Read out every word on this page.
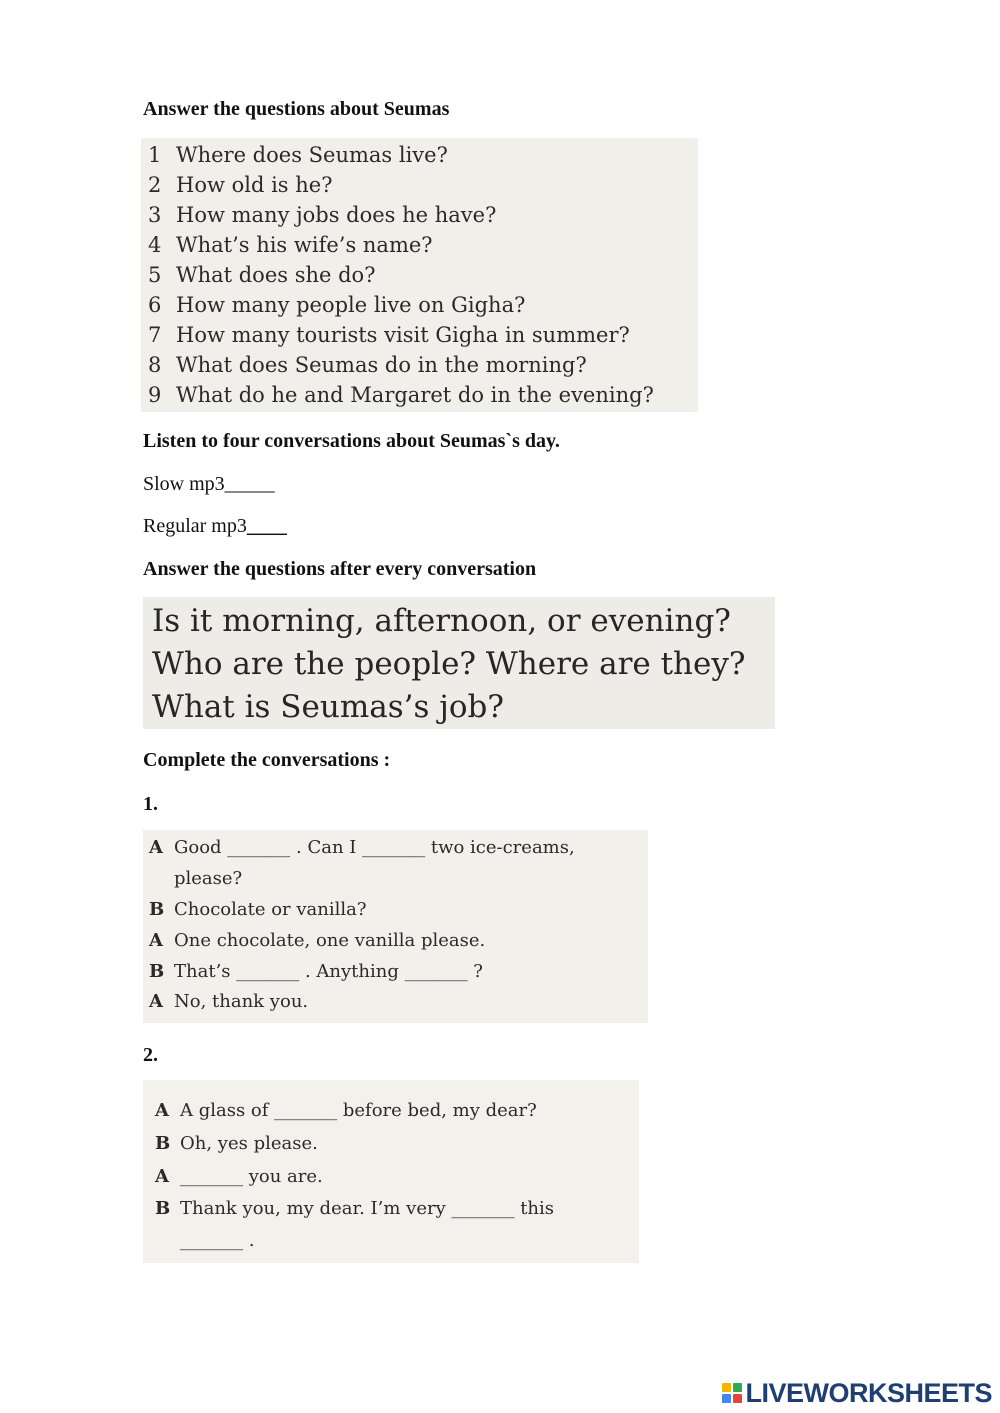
Answer the questions about Seumas
1 Where does Seumas live?
2 How old is he?
3 How many jobs does he have?
4 What’s his wife’s name?
5 What does she do?
6 How many people live on Gigha?
7 How many tourists visit Gigha in summer?
8 What does Seumas do in the morning?
9 What do he and Margaret do in the evening?
Listen to four conversations about Seumas`s day.
Slow mp3_____
Regular mp3____
Answer the questions after every conversation
Is it morning, afternoon, or evening?
Who are the people? Where are they?
What is Seumas’s job?
Complete the conversations :
1.
A Good _______ . Can I _______ two ice-creams,
please?
B Chocolate or vanilla?
A One chocolate, one vanilla please.
B That’s _______ . Anything _______ ?
A No, thank you.
2.
A A glass of _______ before bed, my dear?
B Oh, yes please.
A _______ you are.
B Thank you, my dear. I’m very _______ this
_______ .
LIVEWORKSHEETS
